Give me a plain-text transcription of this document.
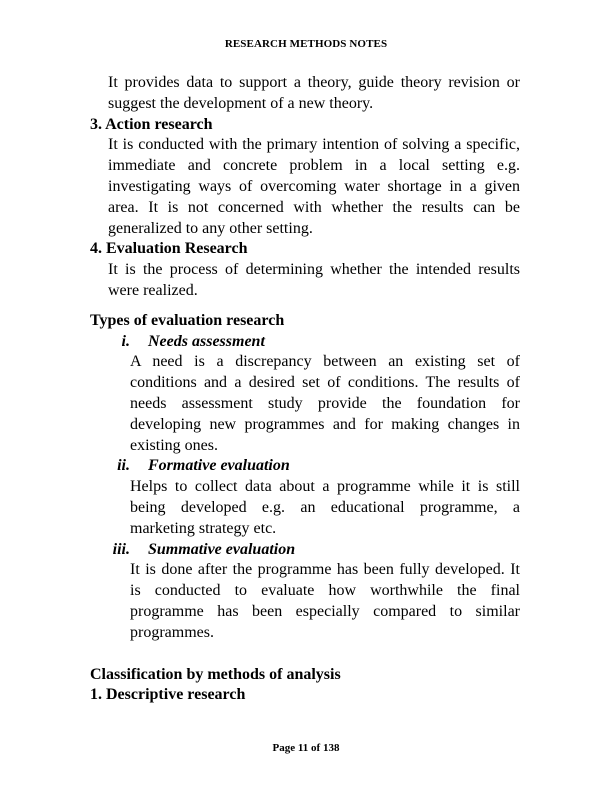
RESEARCH METHODS NOTES

It provides data to support a theory, guide theory revision or suggest the development of a new theory.

3. Action research

It is conducted with the primary intention of solving a specific, immediate and concrete problem in a local setting e.g. investigating ways of overcoming water shortage in a given area. It is not concerned with whether the results can be generalized to any other setting.

4. Evaluation Research

It is the process of determining whether the intended results were realized.

Types of evaluation research
i. Needs assessment

A need is a discrepancy between an existing set of conditions and a desired set of conditions. The results of needs assessment study provide the foundation for developing new programmes and for making changes in existing ones.

ii. Formative evaluation

Helps to collect data about a programme while it is still being developed e.g. an educational programme, a marketing strategy etc.

iii. Summative evaluation

It is done after the programme has been fully developed. It is conducted to evaluate how worthwhile the final programme has been especially compared to similar programmes.

Classification by methods of analysis
1. Descriptive research
Page 11 of 138
